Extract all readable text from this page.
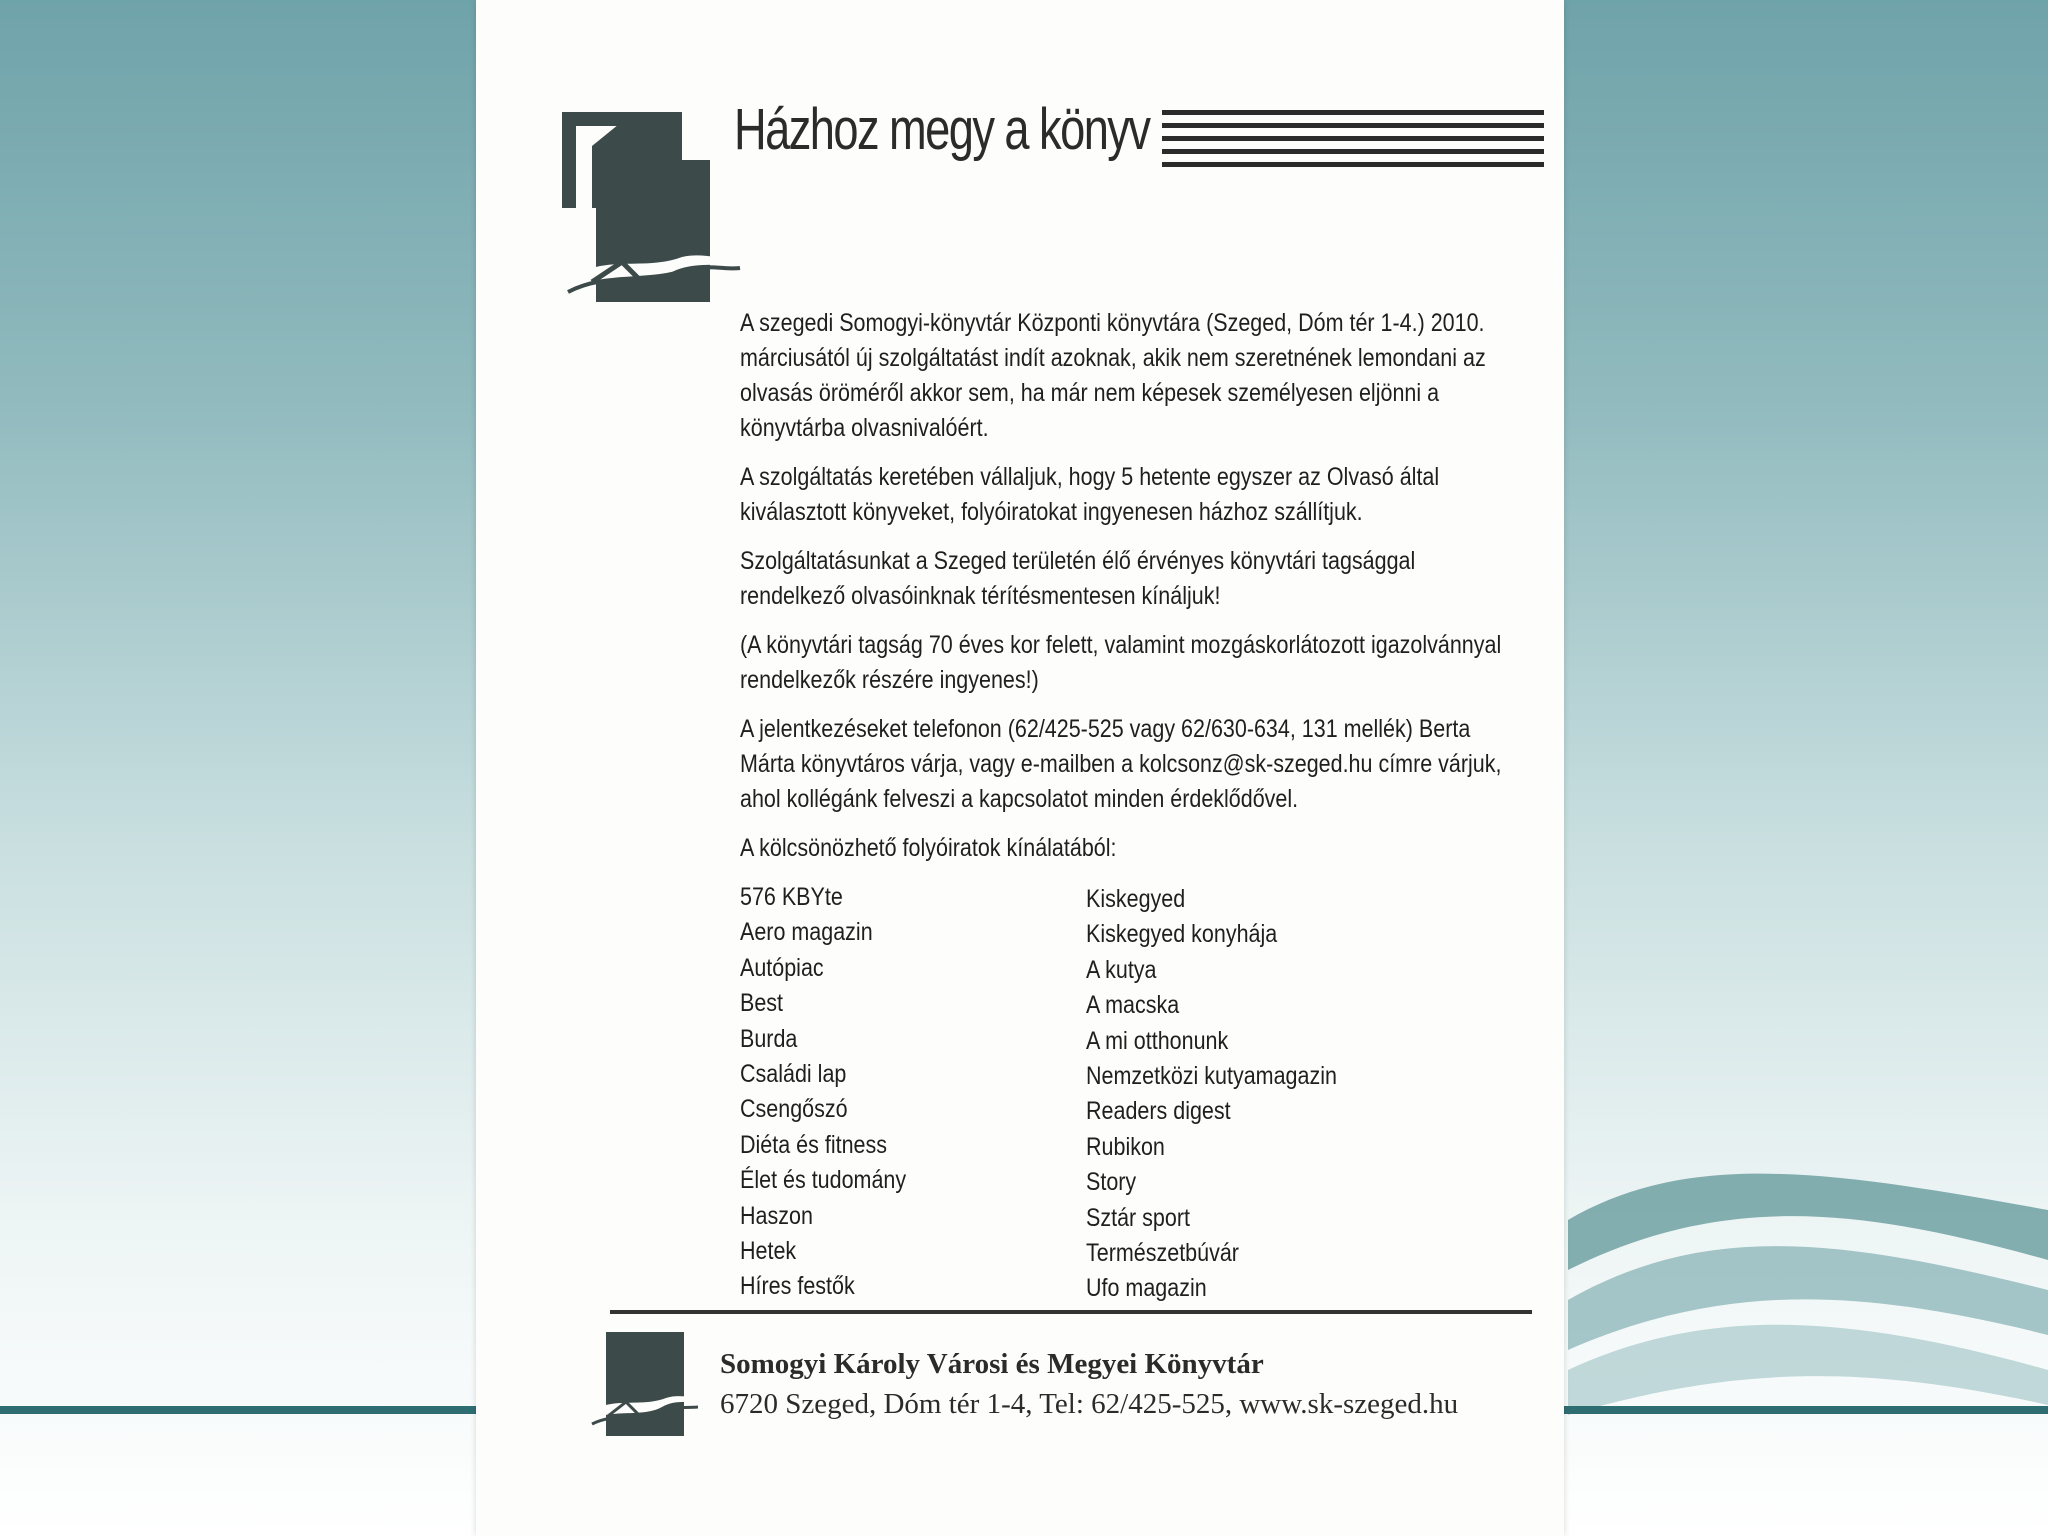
Házhoz megy a könyv

A szegedi Somogyi-könyvtár Központi könyvtára (Szeged, Dóm tér 1-4.) 2010. márciusától új szolgáltatást indít azoknak, akik nem szeretnének lemondani az olvasás öröméről akkor sem, ha már nem képesek személyesen eljönni a könyvtárba olvasnivalóért.

A szolgáltatás keretében vállaljuk, hogy 5 hetente egyszer az Olvasó által kiválasztott könyveket, folyóiratokat ingyenesen házhoz szállítjuk.

Szolgáltatásunkat a Szeged területén élő érvényes könyvtári tagsággal rendelkező olvasóinknak térítésmentesen kínáljuk!

(A könyvtári tagság 70 éves kor felett, valamint mozgáskorlátozott igazolvánnyal rendelkezők részére ingyenes!)

A jelentkezéseket telefonon (62/425-525 vagy 62/630-634, 131 mellék) Berta Márta könyvtáros várja, vagy e-mailben a kolcsonz@sk-szeged.hu címre várjuk, ahol kollégánk felveszi a kapcsolatot minden érdeklődővel.

A kölcsönözhető folyóiratok kínálatából:

576 KBYte
Aero magazin
Autópiac
Best
Burda
Családi lap
Csengőszó
Diéta és fitness
Élet és tudomány
Haszon
Hetek
Híres festők
Kiskegyed
Kiskegyed konyhája
A kutya
A macska
A mi otthonunk
Nemzetközi kutyamagazin
Readers digest
Rubikon
Story
Sztár sport
Természetbúvár
Ufo magazin
Somogyi Károly Városi és Megyei Könyvtár
6720 Szeged, Dóm tér 1-4, Tel: 62/425-525, www.sk-szeged.hu
